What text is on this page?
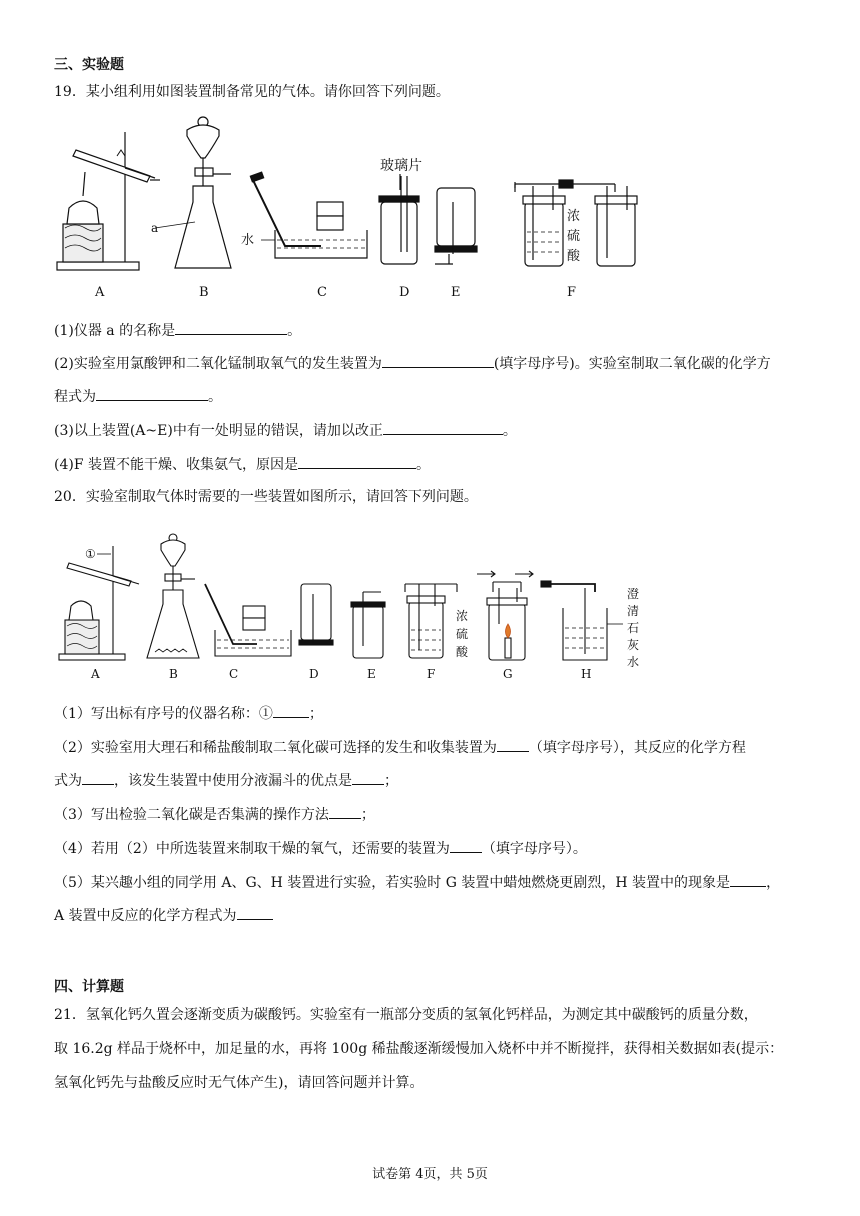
三、实验题
19．某小组利用如图装置制备常见的气体。请你回答下列问题。
a
水
玻璃片
浓
硫
酸
A	B	C	D	E	F
(1)仪器 a 的名称是	。
(2)实验室用氯酸钾和二氧化锰制取氧气的发生装置为	(填字母序号)。实验室制取二氧化碳的化学方
程式为	。
(3)以上装置(A~E)中有一处明显的错误，请加以改正	。
(4)F 装置不能干燥、收集氨气，原因是	。
20．实验室制取气体时需要的一些装置如图所示，请回答下列问题。
①
浓
硫
酸
澄
清
石
灰
水
A	B	C	D	E	F	G	H
（1）写出标有序号的仪器名称：①	；
（2）实验室用大理石和稀盐酸制取二氧化碳可选择的发生和收集装置为 （填字母序号），其反应的化学方程
式为 ，该发生装置中使用分液漏斗的优点是 ；
（3）写出检验二氧化碳是否集满的操作方法 ；
（4）若用（2）中所选装置来制取干燥的氧气，还需要的装置为 （填字母序号）。
（5）某兴趣小组的同学用 A、G、H 装置进行实验，若实验时 G 装置中蜡烛燃烧更剧烈，H 装置中的现象是	，
A 装置中反应的化学方程式为
四、计算题
21．氢氧化钙久置会逐渐变质为碳酸钙。实验室有一瓶部分变质的氢氧化钙样品，为测定其中碳酸钙的质量分数，
取 16.2g 样品于烧杯中，加足量的水，再将 100g 稀盐酸逐渐缓慢加入烧杯中并不断搅拌，获得相关数据如表(提示：
氢氧化钙先与盐酸反应时无气体产生)，请回答问题并计算。
试卷第 4页，共 5页
